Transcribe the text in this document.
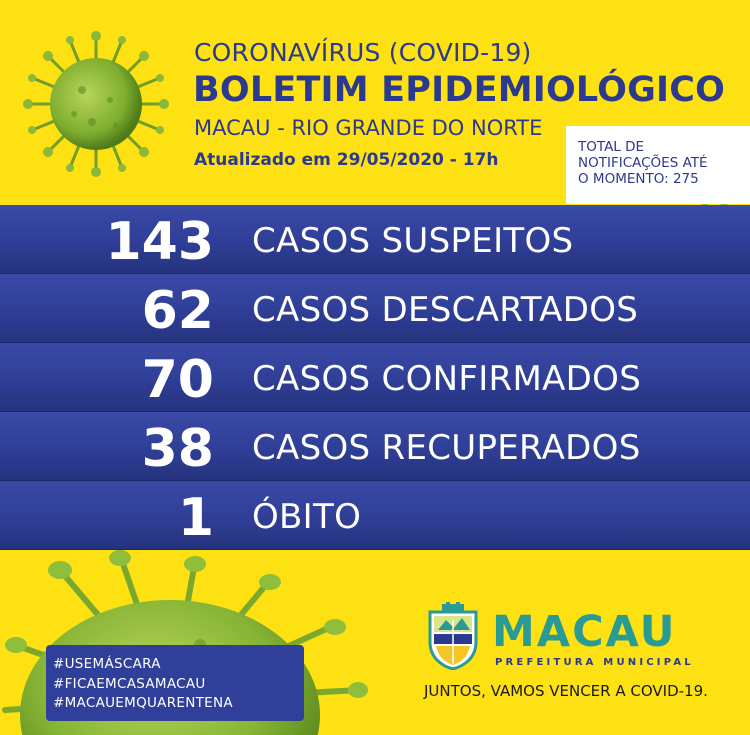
CORONAVÍRUS (COVID-19)
BOLETIM EPIDEMIOLÓGICO
MACAU - RIO GRANDE DO NORTE
Atualizado em 29/05/2020 - 17h
TOTAL DE
NOTIFICAÇÕES ATÉ
O MOMENTO: 275
143 CASOS SUSPEITOS
62 CASOS DESCARTADOS
70 CASOS CONFIRMADOS
38 CASOS RECUPERADOS
1 ÓBITO
#USEMÁSCARA
#FICAEMCASAMACAU
#MACAUEMQUARENTENA
MACAU
PREFEITURA MUNICIPAL
JUNTOS, VAMOS VENCER A COVID-19.
